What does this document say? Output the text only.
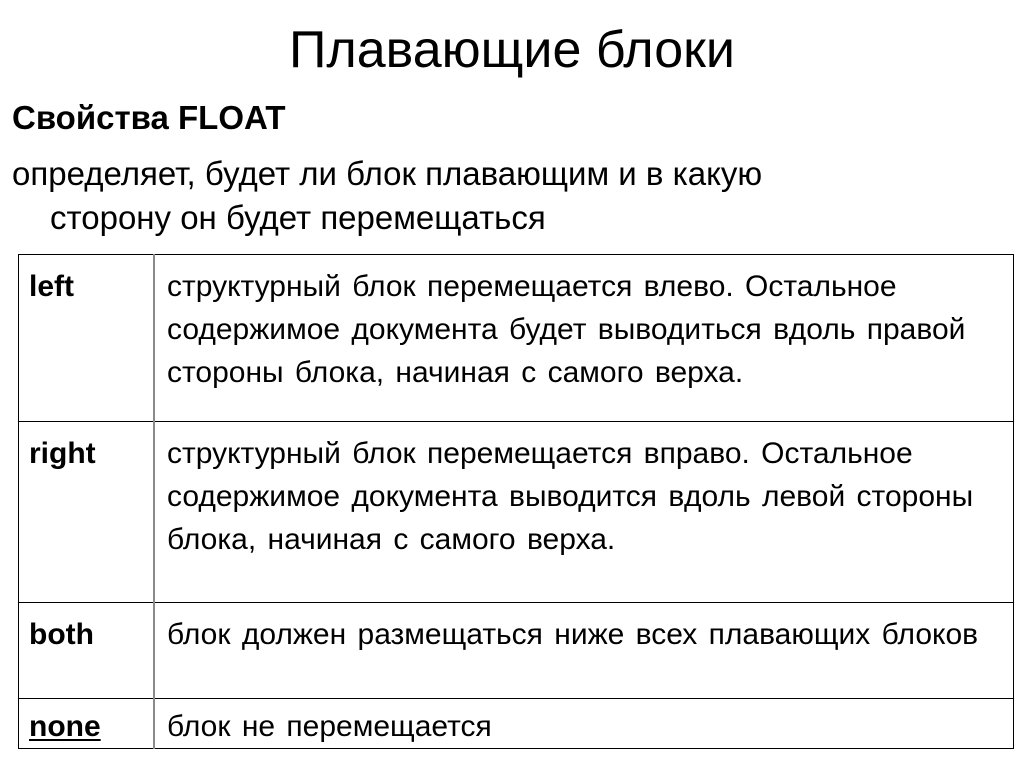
Плавающие блоки
Свойства FLOAT
определяет, будет ли блок плавающим и в какую
сторону он будет перемещаться
left	структурный блок перемещается влево. Остальное содержимое документа будет выводиться вдоль правой стороны блока, начиная с самого верха.
right	структурный блок перемещается вправо. Остальное содержимое документа выводится вдоль левой стороны блока, начиная с самого верха.
both	блок должен размещаться ниже всех плавающих блоков
none	блок не перемещается
